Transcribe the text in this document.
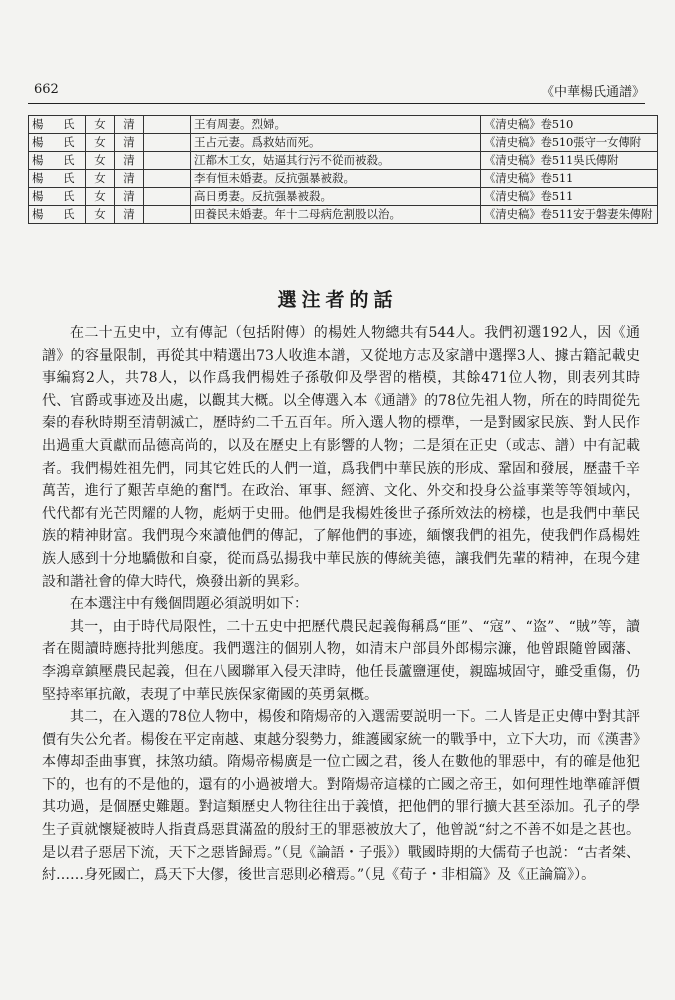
662	《中華楊氏通譜》
楊　氏	女	清		王有周妻。烈婦。	《清史稿》卷510
楊　氏	女	清		王占元妻。爲救姑而死。	《清史稿》卷510張守一女傳附
楊　氏	女	清		江都木工女，姑逼其行污不從而被殺。	《清史稿》卷511吳氏傳附
楊　氏	女	清		李有恒未婚妻。反抗强暴被殺。	《清史稿》卷511
楊　氏	女	清		高日勇妻。反抗强暴被殺。	《清史稿》卷511
楊　氏	女	清		田養民未婚妻。年十二母病危割股以治。	《清史稿》卷511安于磐妻朱傳附
選注者的話

在二十五史中，立有傳記（包括附傳）的楊姓人物總共有544人。我們初選192人，因《通譜》的容量限制，再從其中精選出73人收進本譜，又從地方志及家譜中選擇3人、據古籍記載史事編寫2人，共78人，以作爲我們楊姓子孫敬仰及學習的楷模，其餘471位人物，則表列其時代、官爵或事迹及出處，以觀其大概。以全傳選入本《通譜》的78位先祖人物，所在的時間從先秦的春秋時期至清朝滅亡，歷時約二千五百年。所入選人物的標準，一是對國家民族、對人民作出過重大貢獻而品德高尚的，以及在歷史上有影響的人物；二是須在正史（或志、譜）中有記載者。我們楊姓祖先們，同其它姓氏的人們一道，爲我們中華民族的形成、鞏固和發展，歷盡千辛萬苦，進行了艱苦卓絶的奮鬥。在政治、軍事、經濟、文化、外交和投身公益事業等等領域內，代代都有光芒閃耀的人物，彪炳于史冊。他們是我楊姓後世子孫所效法的榜樣，也是我們中華民族的精神財富。我們現今來讀他們的傳記，了解他們的事迹，緬懷我們的祖先，使我們作爲楊姓族人感到十分地驕傲和自豪，從而爲弘揚我中華民族的傳統美德，讓我們先輩的精神，在現今建設和諧社會的偉大時代，煥發出新的異彩。

在本選注中有幾個問題必須説明如下：

其一，由于時代局限性，二十五史中把歷代農民起義侮稱爲“匪”、“寇”、“盗”、“賊”等，讀者在閲讀時應持批判態度。我們選注的個别人物，如清末户部員外郎楊宗濂，他曾跟隨曾國藩、李鴻章鎮壓農民起義，但在八國聯軍入侵天津時，他任長蘆鹽運使，親臨城固守，雖受重傷，仍堅持率軍抗敵，表現了中華民族保家衛國的英勇氣概。

其二，在入選的78位人物中，楊俊和隋煬帝的入選需要説明一下。二人皆是正史傳中對其評價有失公允者。楊俊在平定南越、東越分裂勢力，維護國家統一的戰爭中，立下大功，而《漢書》本傳却歪曲事實，抹煞功績。隋煬帝楊廣是一位亡國之君，後人在數他的罪惡中，有的確是他犯下的，也有的不是他的，還有的小過被增大。對隋煬帝這樣的亡國之帝王，如何理性地準確評價其功過，是個歷史難題。對這類歷史人物往往出于義憤，把他們的罪行擴大甚至添加。孔子的學生子貢就懷疑被時人指責爲惡貫滿盈的殷紂王的罪惡被放大了，他曾説“紂之不善不如是之甚也。是以君子惡居下流，天下之惡皆歸焉。”（見《論語・子張》）戰國時期的大儒荀子也説：“古者桀、紂……身死國亡，爲天下大僇，後世言惡則必稽焉。”（見《荀子・非相篇》及《正論篇》）。
